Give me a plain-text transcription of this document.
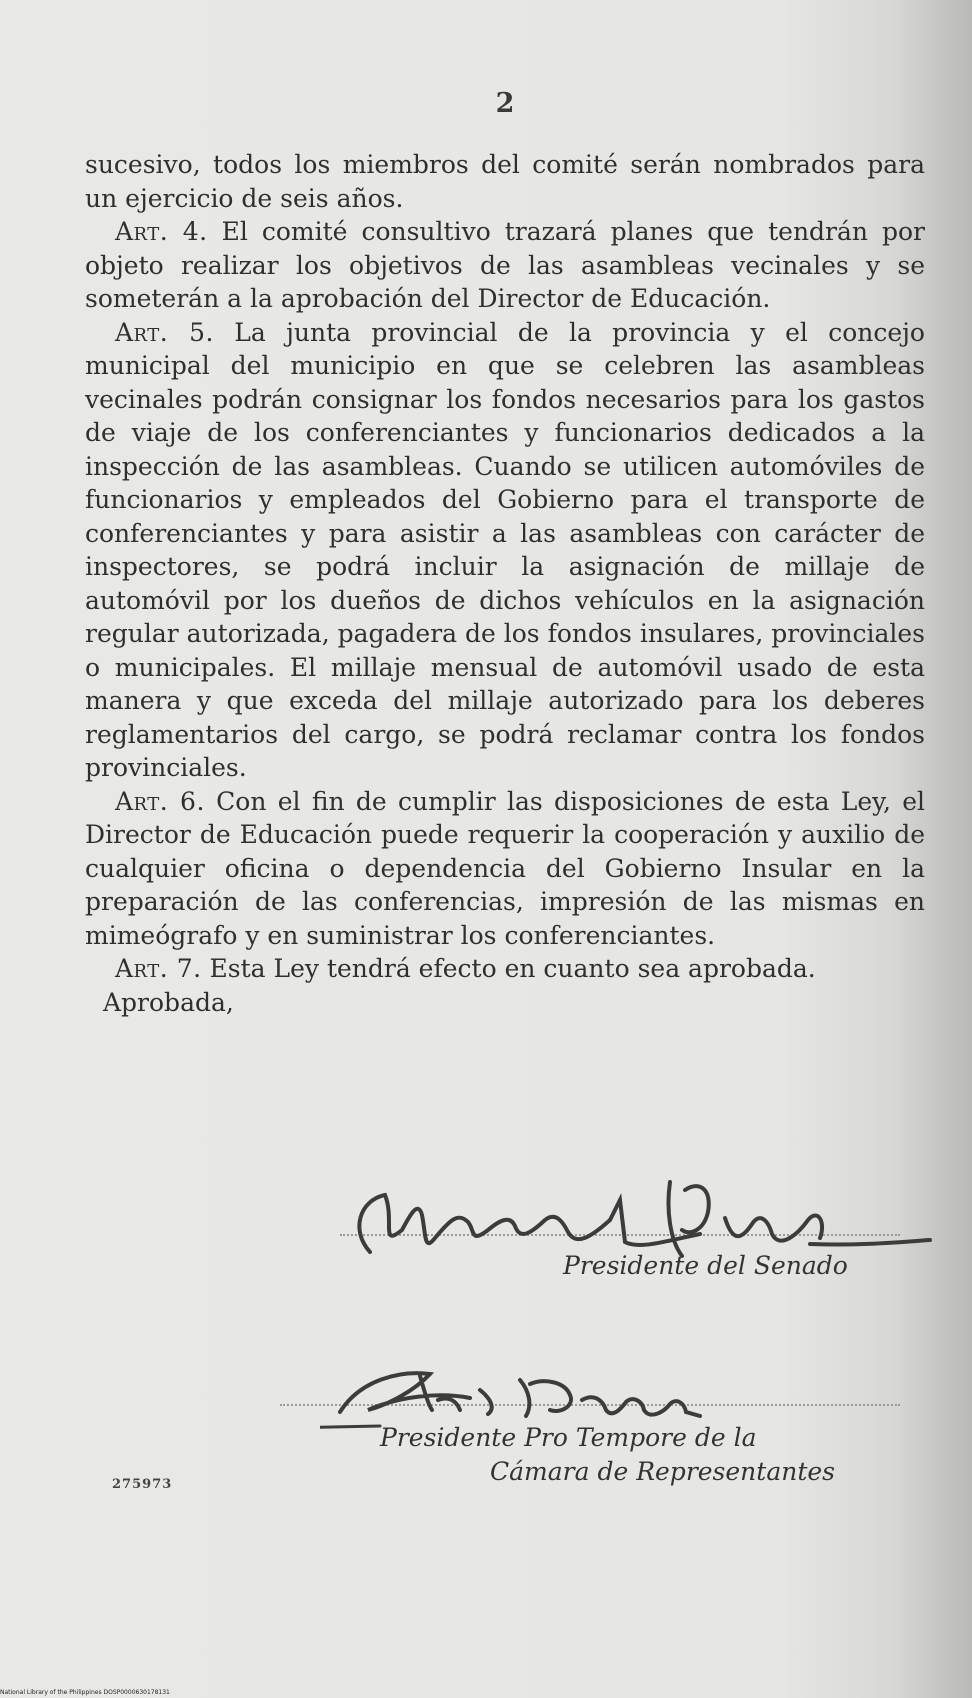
2

sucesivo, todos los miembros del comité serán nombrados para un ejercicio de seis años.

Art. 4. El comité consultivo trazará planes que tendrán por objeto realizar los objetivos de las asambleas vecinales y se someterán a la aprobación del Director de Educación.

Art. 5. La junta provincial de la provincia y el concejo municipal del municipio en que se celebren las asambleas vecinales podrán consignar los fondos necesarios para los gastos de viaje de los conferenciantes y funcionarios dedicados a la inspección de las asambleas. Cuando se utilicen automóviles de funcionarios y empleados del Gobierno para el transporte de conferenciantes y para asistir a las asambleas con carácter de inspectores, se podrá incluir la asignación de millaje de automóvil por los dueños de dichos vehículos en la asignación regular autorizada, pagadera de los fondos insulares, provinciales o municipales. El millaje mensual de automóvil usado de esta manera y que exceda del millaje autorizado para los deberes reglamentarios del cargo, se podrá reclamar contra los fondos provinciales.

Art. 6. Con el fin de cumplir las disposiciones de esta Ley, el Director de Educación puede requerir la cooperación y auxilio de cualquier oficina o dependencia del Gobierno Insular en la preparación de las conferencias, impresión de las mismas en mimeógrafo y en suministrar los conferenciantes.

Art. 7. Esta Ley tendrá efecto en cuanto sea aprobada.

Aprobada,

Presidente del Senado
Presidente Pro Tempore de la
Cámara de Representantes
275973
National Library of the Philippines DOSP0000630178131
